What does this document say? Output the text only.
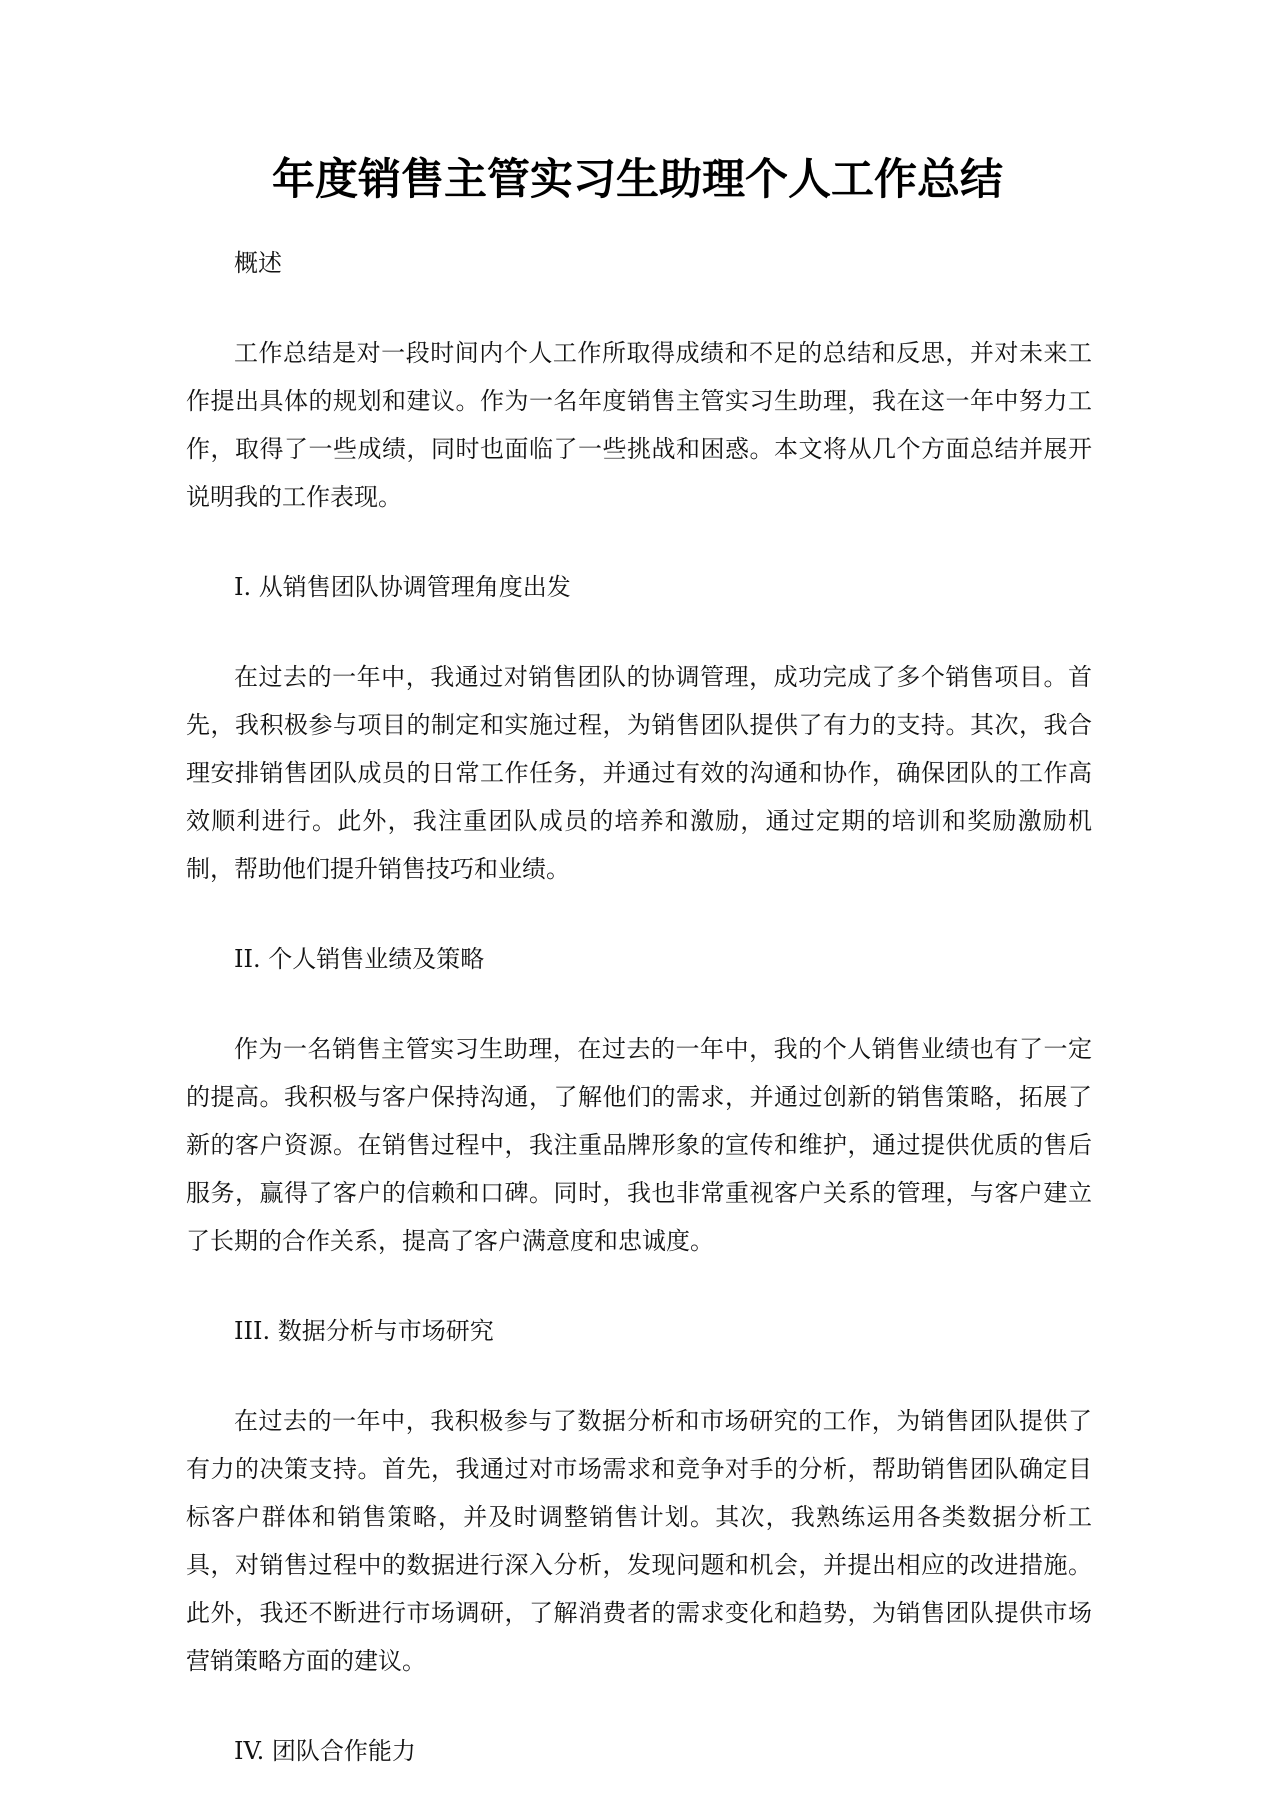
年度销售主管实习生助理个人工作总结

概述

工作总结是对一段时间内个人工作所取得成绩和不足的总结和反思，并对未来工作提出具体的规划和建议。作为一名年度销售主管实习生助理，我在这一年中努力工作，取得了一些成绩，同时也面临了一些挑战和困惑。本文将从几个方面总结并展开说明我的工作表现。

I. 从销售团队协调管理角度出发

在过去的一年中，我通过对销售团队的协调管理，成功完成了多个销售项目。首先，我积极参与项目的制定和实施过程，为销售团队提供了有力的支持。其次，我合理安排销售团队成员的日常工作任务，并通过有效的沟通和协作，确保团队的工作高效顺利进行。此外，我注重团队成员的培养和激励，通过定期的培训和奖励激励机制，帮助他们提升销售技巧和业绩。

II. 个人销售业绩及策略

作为一名销售主管实习生助理，在过去的一年中，我的个人销售业绩也有了一定的提高。我积极与客户保持沟通，了解他们的需求，并通过创新的销售策略，拓展了新的客户资源。在销售过程中，我注重品牌形象的宣传和维护，通过提供优质的售后服务，赢得了客户的信赖和口碑。同时，我也非常重视客户关系的管理，与客户建立了长期的合作关系，提高了客户满意度和忠诚度。

III. 数据分析与市场研究

在过去的一年中，我积极参与了数据分析和市场研究的工作，为销售团队提供了有力的决策支持。首先，我通过对市场需求和竞争对手的分析，帮助销售团队确定目标客户群体和销售策略，并及时调整销售计划。其次，我熟练运用各类数据分析工具，对销售过程中的数据进行深入分析，发现问题和机会，并提出相应的改进措施。此外，我还不断进行市场调研，了解消费者的需求变化和趋势，为销售团队提供市场营销策略方面的建议。

IV. 团队合作能力
